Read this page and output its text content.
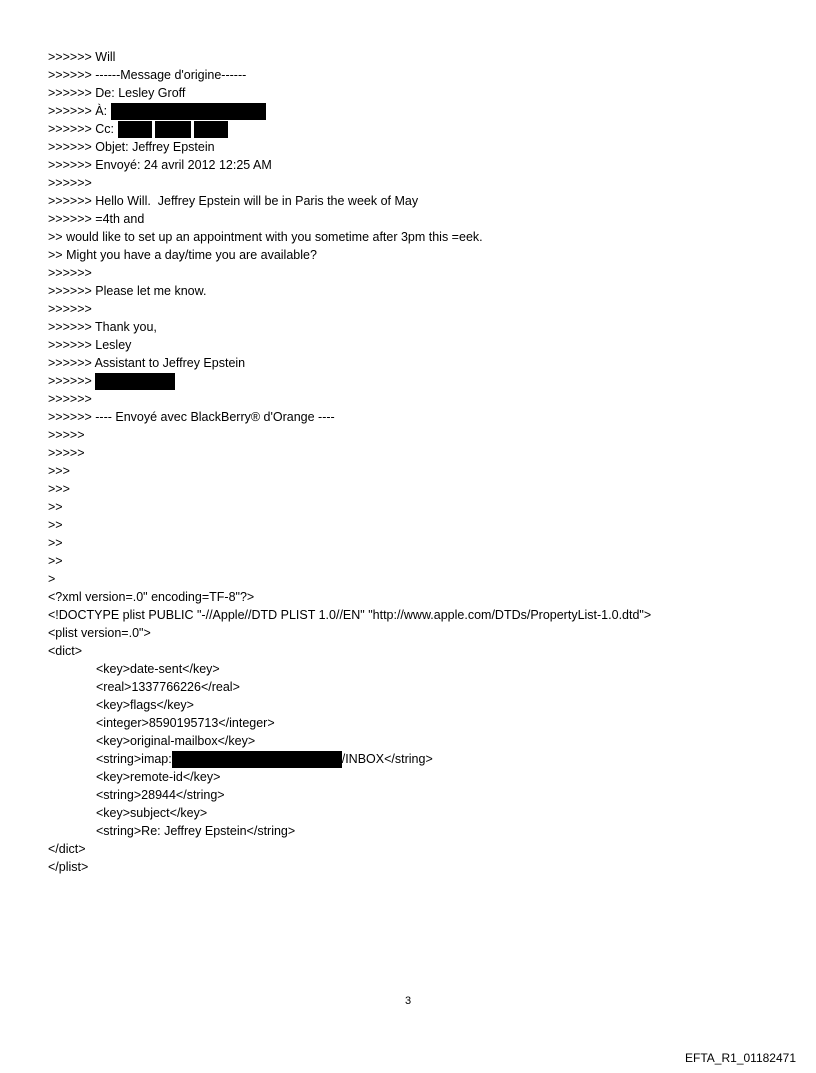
>>>>>> Will
>>>>>> ------Message d'origine------
>>>>>> De: Lesley Groff
>>>>>> À:
>>>>>> Cc:
>>>>>> Objet: Jeffrey Epstein
>>>>>> Envoyé: 24 avril 2012 12:25 AM
>>>>>>
>>>>>> Hello Will.  Jeffrey Epstein will be in Paris the week of May
>>>>>> =4th and
>> would like to set up an appointment with you sometime after 3pm this =eek.
>> Might you have a day/time you are available?
>>>>>>
>>>>>> Please let me know.
>>>>>>
>>>>>> Thank you,
>>>>>> Lesley
>>>>>> Assistant to Jeffrey Epstein
>>>>>>
>>>>>>
>>>>>> ---- Envoyé avec BlackBerry® d'Orange ----
>>>>>
>>>>>
>>>
>>>
>>
>>
>>
>>
>
<?xml version=.0" encoding=TF-8"?>
<!DOCTYPE plist PUBLIC "-//Apple//DTD PLIST 1.0//EN" "http://www.apple.com/DTDs/PropertyList-1.0.dtd">
<plist version=.0">
<dict>
<key>date-sent</key>
<real>1337766226</real>
<key>flags</key>
<integer>8590195713</integer>
<key>original-mailbox</key>
<string>imap:	/INBOX</string>
<key>remote-id</key>
<string>28944</string>
<key>subject</key>
<string>Re: Jeffrey Epstein</string>
</dict>
</plist>
3
EFTA_R1_01182471
